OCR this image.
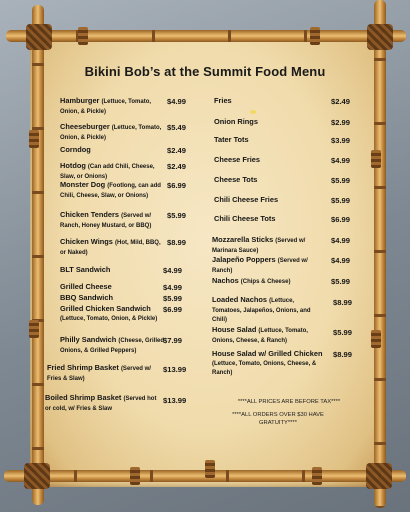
Bikini Bob’s at the Summit Food Menu
Hamburger (Lettuce, Tomato, Onion, & Pickle)
$4.99
Cheeseburger (Lettuce, Tomato, Onion, & Pickle)
$5.49
Corndog	$2.49
Hotdog (Can add Chili, Cheese, Slaw, or Onions)
$2.49
Monster Dog (Footlong, can add Chili, Cheese, Slaw, or Onions)
$6.99
Chicken Tenders (Served w/ Ranch, Honey Mustard, or BBQ)
$5.99
Chicken Wings (Hot, Mild, BBQ, or Naked)
$8.99
BLT Sandwich	$4.99
Grilled Cheese	$4.99
BBQ Sandwich	$5.99
Grilled Chicken Sandwich
(Lettuce, Tomato, Onion, & Pickle)
$6.99
Philly Sandwich (Cheese, Grilled Onions, & Grilled Peppers)
$7.99
Fried Shrimp Basket (Served w/ Fries & Slaw)
$13.99
Boiled Shrimp Basket (Served hot or cold, w/ Fries & Slaw
$13.99
Fries	$2.49
Onion Rings	$2.99
Tater Tots	$3.99
Cheese Fries	$4.99
Cheese Tots	$5.99
Chili Cheese Fries	$5.99
Chili Cheese Tots	$6.99
Mozzarella Sticks (Served w/ Marinara Sauce)
$4.99
Jalapeño Poppers (Served w/ Ranch)
$4.99
Nachos (Chips & Cheese)	$5.99
Loaded Nachos (Lettuce, Tomatoes, Jalapeños, Onions, and Chili)
$8.99
House Salad (Lettuce, Tomato, Onions, Cheese, & Ranch)
$5.99
House Salad w/ Grilled Chicken (Lettuce, Tomato, Onions, Cheese, & Ranch)
$8.99
****ALL PRICES ARE BEFORE TAX****
****ALL ORDERS OVER $30 HAVE GRATUITY****
